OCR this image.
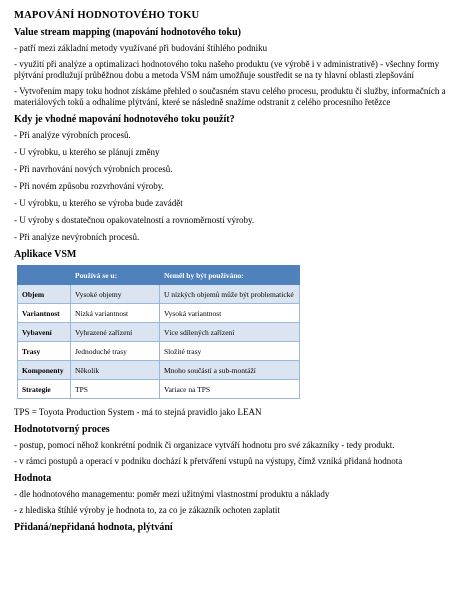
MAPOVÁNÍ HODNOTOVÉHO TOKU
Value stream mapping (mapování hodnotového toku)
- patří mezi základní metody využívané při budování štíhlého podniku
- využití při analýze a optimalizaci hodnotového toku našeho produktu (ve výrobě i v administrativě) - všechny formy plýtvání prodlužují průběžnou dobu a metoda VSM nám umožňuje soustředit se na ty hlavní oblasti zlepšování
- Vytvořením mapy toku hodnot získáme přehled o současném stavu celého procesu, produktu či služby, informačních a materiálových toků a odhalíme plýtvání, které se následně snažíme odstranit z celého procesního řetězce
Kdy je vhodné mapování hodnotového toku použít?
- Při analýze výrobních procesů.
- U výrobku, u kterého se plánují změny
- Při navrhování nových výrobních procesů.
- Při novém způsobu rozvrhování výroby.
- U výrobku, u kterého se výroba bude zavádět
- U výroby s dostatečnou opakovatelností a rovnoměrností výroby.
- Při analýze nevýrobních procesů.
Aplikace VSM
	Používá se u:	Neměl by být používáno:
Objem	Vysoké objemy	U nízkých objemů může být problematické
Variantnost	Nízká variantnost	Vysoká variantnost
Vybavení	Vyhrazené zařízení	Více sdílených zařízení
Trasy	Jednoduché trasy	Složité trasy
Komponenty	Několik	Mnoho součástí a sub-montáží
Strategie	TPS	Variace na TPS
TPS = Toyota Production System - má to stejná pravidlo jako LEAN
Hodnototvorný proces
- postup, pomocí něhož konkrétní podnik či organizace vytváří hodnotu pro své zákazníky - tedy produkt.
- v rámci postupů a operací v podniku dochází k přetváření vstupů na výstupy, čímž vzniká přidaná hodnota
Hodnota
- dle hodnotového managementu: poměr mezi užitnými vlastnostmi produktu a náklady
- z hlediska štíhlé výroby je hodnota to, za co je zákazník ochoten zaplatit
Přidaná/nepřidaná hodnota, plýtvání
